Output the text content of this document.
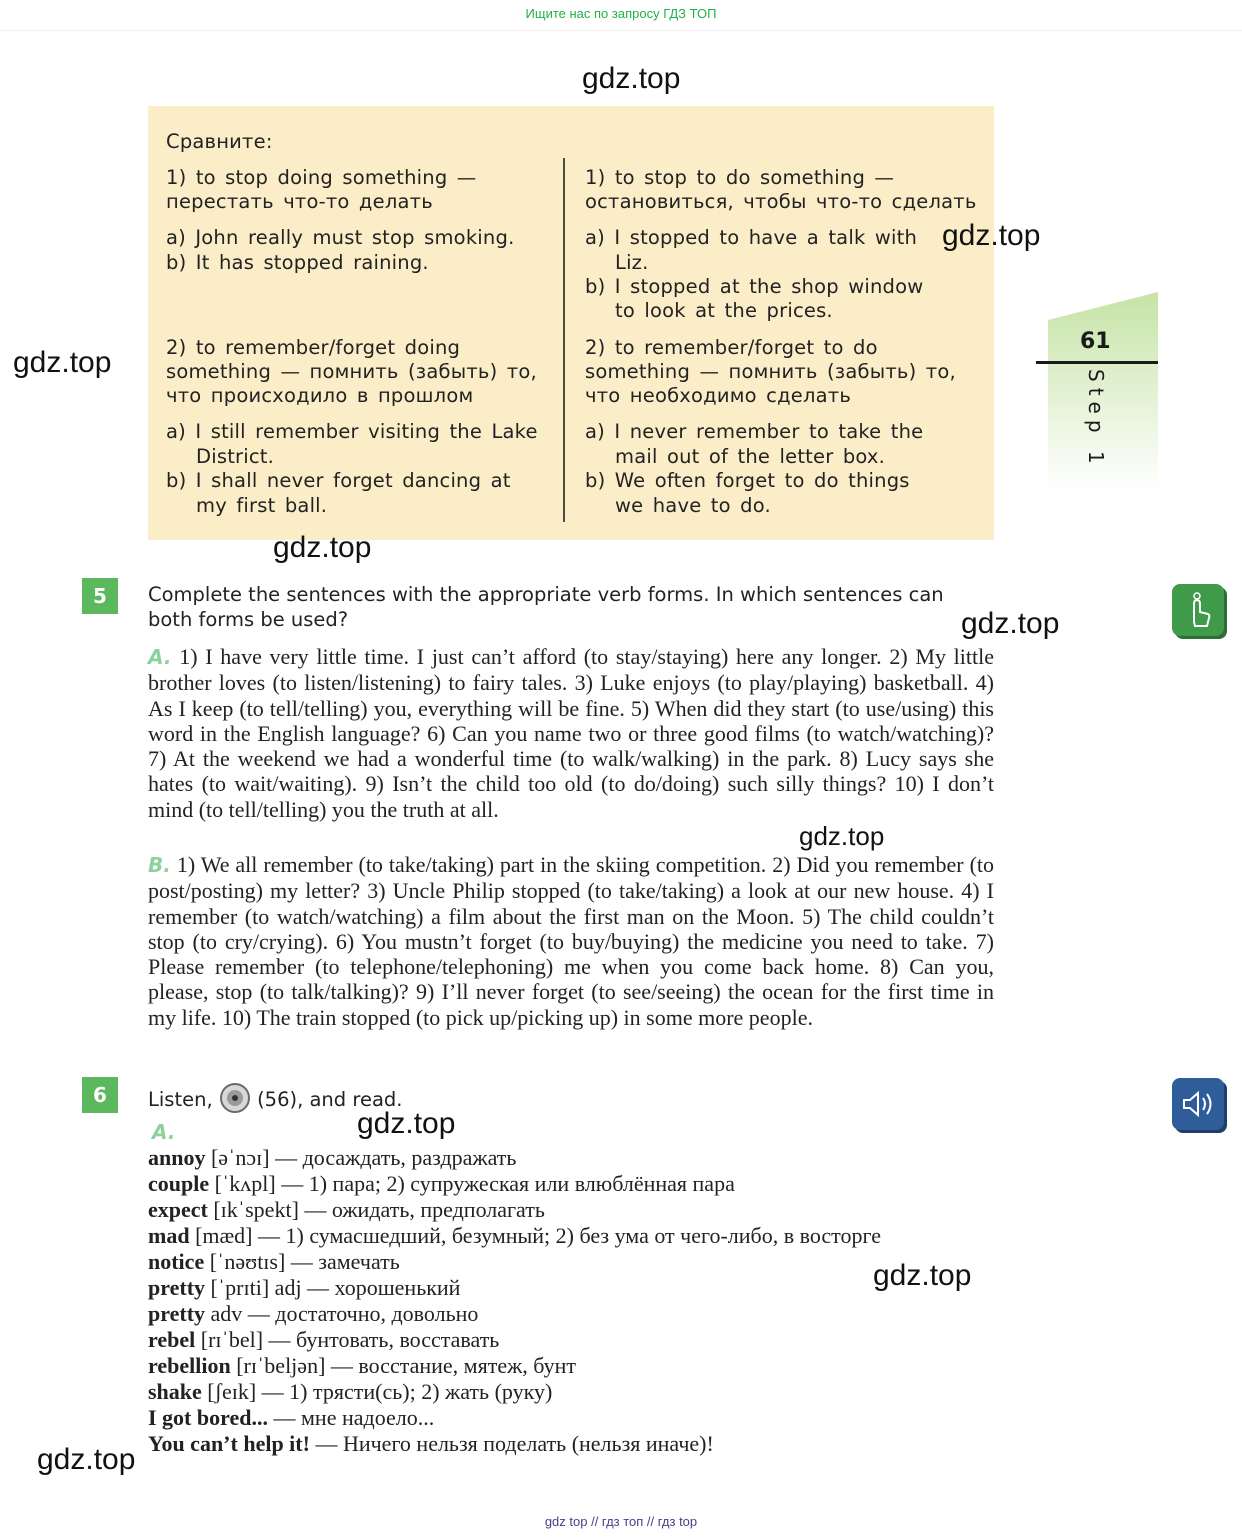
Ищите нас по запросу ГДЗ ТОП
gdz.top
Сравните:
1) to stop doing something —
перестать что-то делать
a) John really must stop smoking.
b) It has stopped raining.
2) to remember/forget doing
something — помнить (забыть) то,
что происходило в прошлом
a) I still remember visiting the Lake
District.
b) I shall never forget dancing at
my first ball.
1) to stop to do something —
остановиться, чтобы что-то сделать
a) I stopped to have a talk with
Liz.
b) I stopped at the shop window
to look at the prices.
2) to remember/forget to do
something — помнить (забыть) то,
что необходимо сделать
a) I never remember to take the
mail out of the letter box.
b) We often forget to do things
we have to do.
gdz.top
gdz.top
61
Step 1
gdz.top
5	Complete the sentences with the appropriate verb forms. In which sentences can both forms be used?	gdz.top
A. 1) I have very little time. I just can’t afford (to stay/staying) here any longer. 2) My little brother loves (to listen/listening) to fairy tales. 3) Luke enjoys (to play/playing) basketball. 4) As I keep (to tell/telling) you, everything will be fine. 5) When did they start (to use/using) this word in the English language? 6) Can you name two or three good films (to watch/watching)? 7) At the weekend we had a wonderful time (to walk/walking) in the park. 8) Lucy says she hates (to wait/waiting). 9) Isn’t the child too old (to do/doing) such silly things? 10) I don’t mind (to tell/telling) you the truth at all.
gdz.top
B. 1) We all remember (to take/taking) part in the skiing competition. 2) Did you remember (to post/posting) my letter? 3) Uncle Philip stopped (to take/taking) a look at our new house. 4) I remember (to watch/watching) a film about the first man on the Moon. 5) The child couldn’t stop (to cry/crying). 6) You mustn’t forget (to buy/buying) the medicine you need to take. 7) Please remember (to telephone/telephoning) me when you come back home. 8) Can you, please, stop (to talk/talking)? 9) I’ll never forget (to see/seeing) the ocean for the first time in my life. 10) The train stopped (to pick up/picking up) in some more people.
6	Listen, (56), and read.
A.	gdz.top
annoy [əˈnɔɪ] — досаждать, раздражать
couple [ˈkʌpl] — 1) пара; 2) супружеская или влюблённая пара
expect [ɪkˈspekt] — ожидать, предполагать
mad [mæd] — 1) сумасшедший, безумный; 2) без ума от чего-либо, в восторге
notice [ˈnəʊtɪs] — замечать
pretty [ˈprɪti] adj — хорошенький
pretty adv — достаточно, довольно
rebel [rɪˈbel] — бунтовать, восставать
rebellion [rɪˈbeljən] — восстание, мятеж, бунт
shake [ʃeɪk] — 1) трясти(сь); 2) жать (руку)
I got bored... — мне надоело...
You can’t help it! — Ничего нельзя поделать (нельзя иначе)!
gdz.top
gdz.top
gdz top // гдз топ // гдз top
